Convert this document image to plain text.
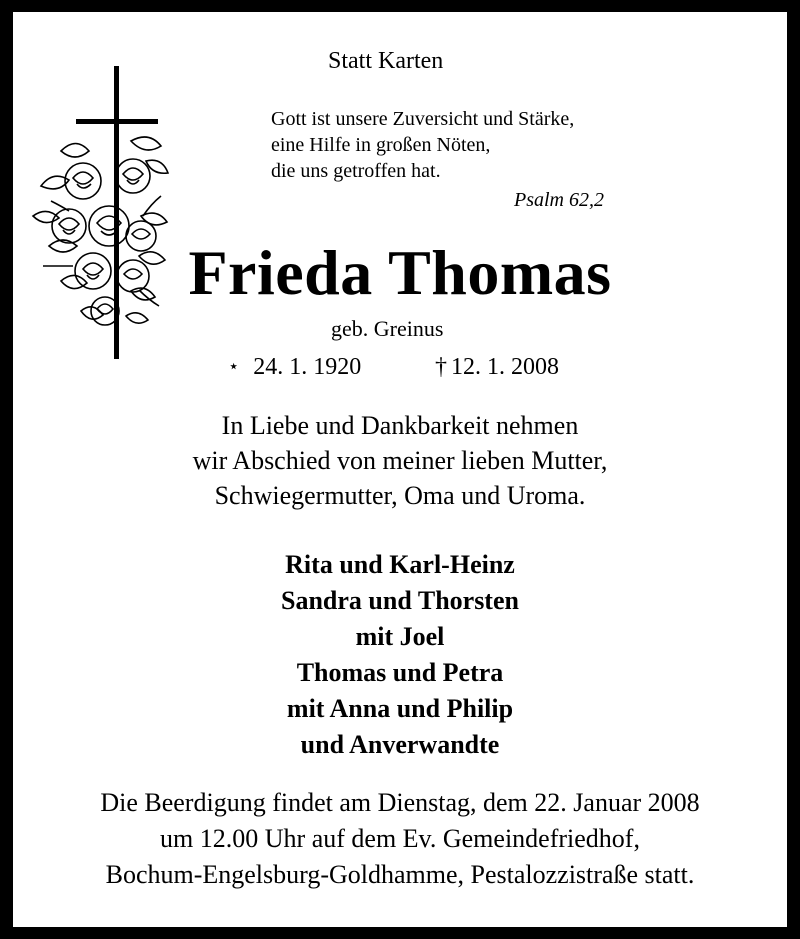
Statt Karten
Gott ist unsere Zuversicht und Stärke,
eine Hilfe in großen Nöten,
die uns getroffen hat.
Psalm 62,2
Frieda Thomas
geb. Greinus
⋆ 24. 1. 1920	† 12. 1. 2008
In Liebe und Dankbarkeit nehmen
wir Abschied von meiner lieben Mutter,
Schwiegermutter, Oma und Uroma.
Rita und Karl-Heinz
Sandra und Thorsten
mit Joel
Thomas und Petra
mit Anna und Philip
und Anverwandte
Die Beerdigung findet am Dienstag, dem 22. Januar 2008
um 12.00 Uhr auf dem Ev. Gemeindefriedhof,
Bochum-Engelsburg-Goldhamme, Pestalozzistraße statt.
